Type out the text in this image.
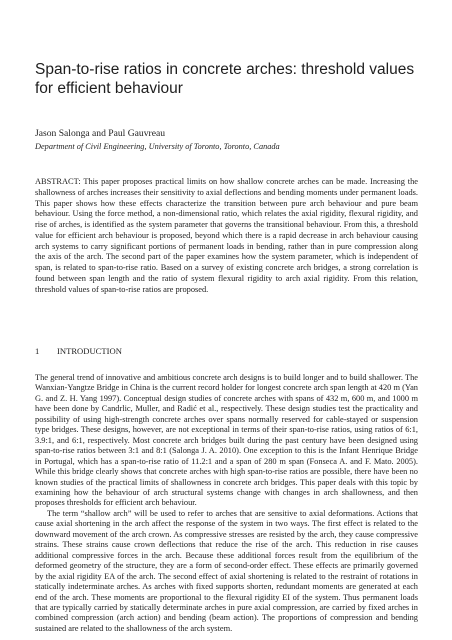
Span-to-rise ratios in concrete arches: threshold values for efficient behaviour
Jason Salonga and Paul Gauvreau
Department of Civil Engineering, University of Toronto, Toronto, Canada

ABSTRACT: This paper proposes practical limits on how shallow concrete arches can be made. Increasing the shallowness of arches increases their sensitivity to axial deflections and bending moments under permanent loads. This paper shows how these effects characterize the transition between pure arch behaviour and pure beam behaviour. Using the force method, a non-dimensional ratio, which relates the axial rigidity, flexural rigidity, and rise of arches, is identified as the system parameter that governs the transitional behaviour. From this, a threshold value for efficient arch behaviour is proposed, beyond which there is a rapid decrease in arch behaviour causing arch systems to carry significant portions of permanent loads in bending, rather than in pure compression along the axis of the arch. The second part of the paper examines how the system parameter, which is independent of span, is related to span-to-rise ratio. Based on a survey of existing concrete arch bridges, a strong correlation is found between span length and the ratio of system flexural rigidity to arch axial rigidity. From this relation, threshold values of span-to-rise ratios are proposed.

1 INTRODUCTION

The general trend of innovative and ambitious concrete arch designs is to build longer and to build shallower. The Wanxian-Yangtze Bridge in China is the current record holder for longest concrete arch span length at 420 m (Yan G. and Z. H. Yang 1997). Conceptual design studies of concrete arches with spans of 432 m, 600 m, and 1000 m have been done by Candrlic, Muller, and Radić et al., respectively. These design studies test the practicality and possibility of using high-strength concrete arches over spans normally reserved for cable-stayed or suspension type bridges. These designs, however, are not exceptional in terms of their span-to-rise ratios, using ratios of 6:1, 3.9:1, and 6:1, respectively. Most concrete arch bridges built during the past century have been designed using span-to-rise ratios between 3:1 and 8:1 (Salonga J. A. 2010). One exception to this is the Infant Henrique Bridge in Portugal, which has a span-to-rise ratio of 11.2:1 and a span of 280 m span (Fonseca A. and F. Mato. 2005). While this bridge clearly shows that concrete arches with high span-to-rise ratios are possible, there have been no known studies of the practical limits of shallowness in concrete arch bridges. This paper deals with this topic by examining how the behaviour of arch structural systems change with changes in arch shallowness, and then proposes thresholds for efficient arch behaviour.

The term “shallow arch” will be used to refer to arches that are sensitive to axial deformations. Actions that cause axial shortening in the arch affect the response of the system in two ways. The first effect is related to the downward movement of the arch crown. As compressive stresses are resisted by the arch, they cause compressive strains. These strains cause crown deflections that reduce the rise of the arch. This reduction in rise causes additional compressive forces in the arch. Because these additional forces result from the equilibrium of the deformed geometry of the structure, they are a form of second-order effect. These effects are primarily governed by the axial rigidity EA of the arch. The second effect of axial shortening is related to the restraint of rotations in statically indeterminate arches. As arches with fixed supports shorten, redundant moments are generated at each end of the arch. These moments are proportional to the flexural rigidity EI of the system. Thus permanent loads that are typically carried by statically determinate arches in pure axial compression, are carried by fixed arches in combined compression (arch action) and bending (beam action). The proportions of compression and bending sustained are related to the shallowness of the arch system.
